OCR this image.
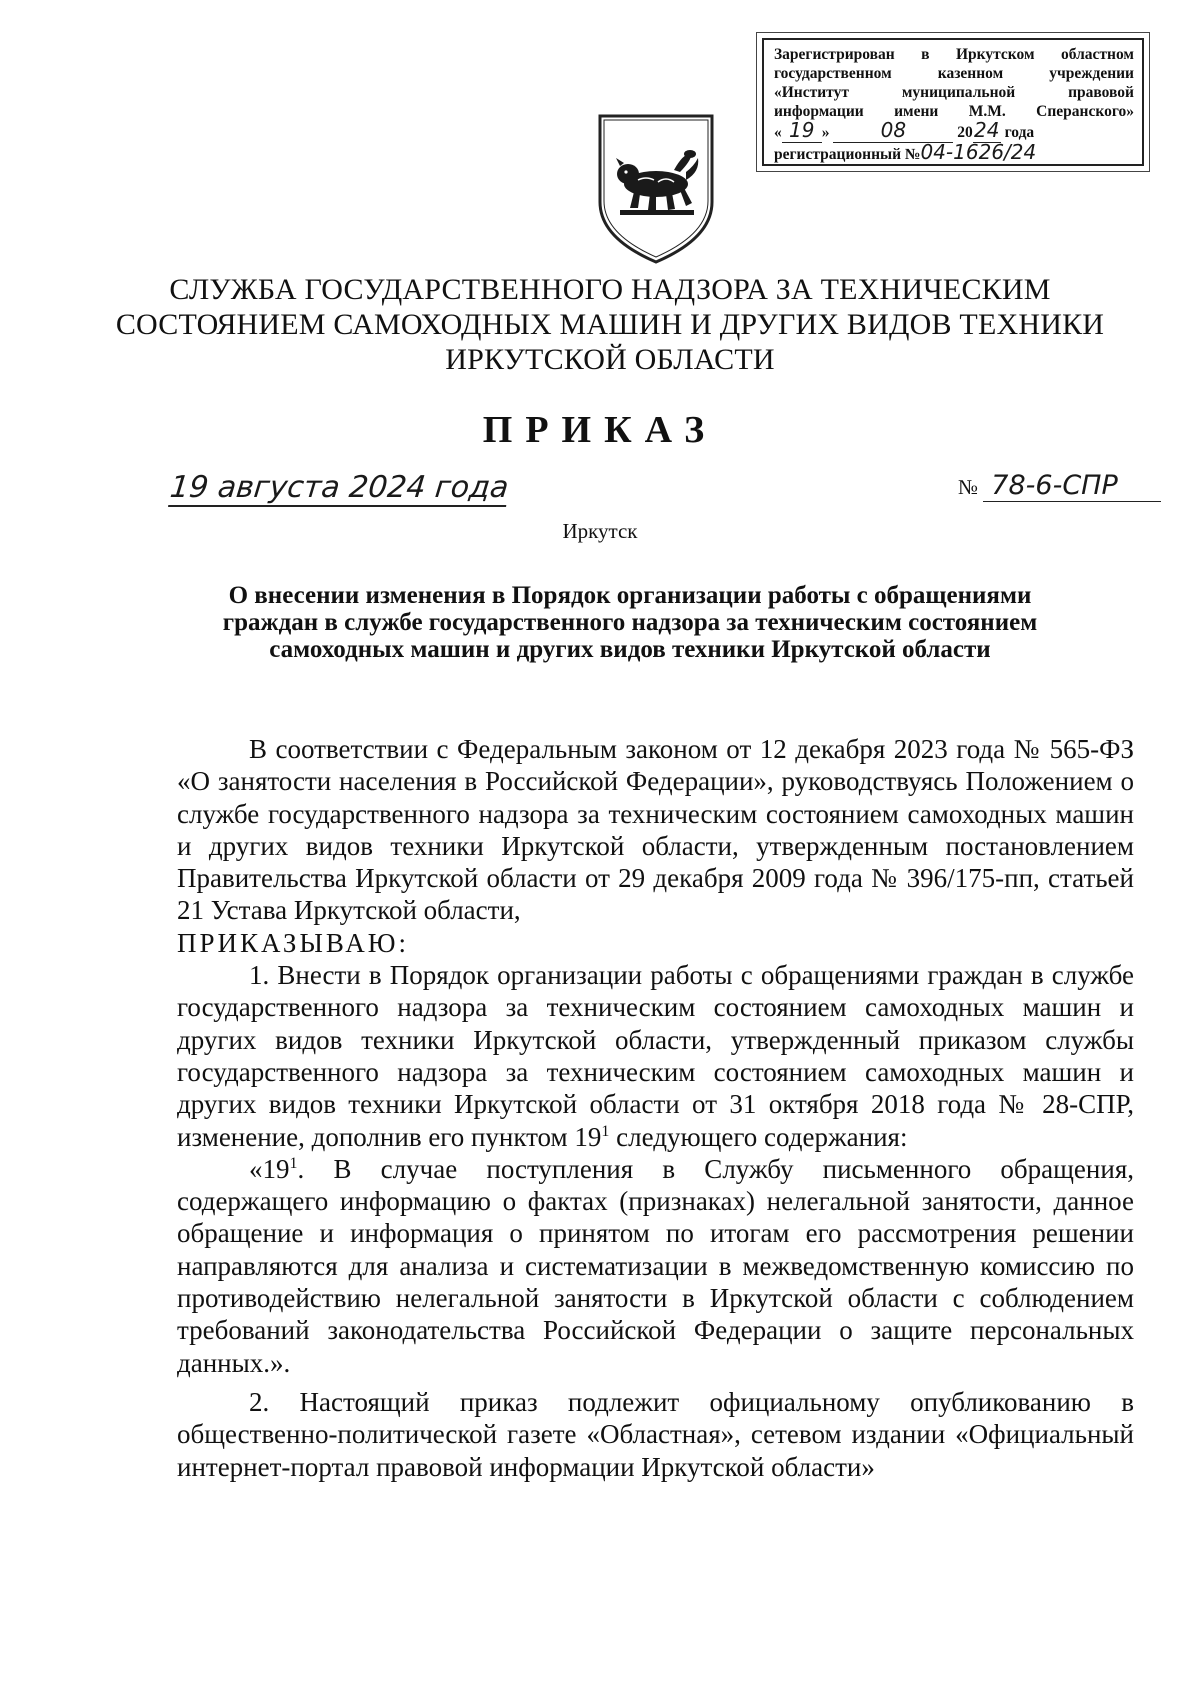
Зарегистрирован в Иркутском областном
государственном казенном учреждении
«Институт муниципальной правовой
информации имени М.М. Сперанского»
« 19 » 08	2024 года
регистрационный №04-1626/24
СЛУЖБА ГОСУДАРСТВЕННОГО НАДЗОРА ЗА ТЕХНИЧЕСКИМ
СОСТОЯНИЕМ САМОХОДНЫХ МАШИН И ДРУГИХ ВИДОВ ТЕХНИКИ
ИРКУТСКОЙ ОБЛАСТИ
ПРИКАЗ
19 августа 2024 года	№ 78-6-СПР
Иркутск
О внесении изменения в Порядок организации работы с обращениями
граждан в службе государственного надзора за техническим состоянием
самоходных машин и других видов техники Иркутской области

В соответствии с Федеральным законом от 12 декабря 2023 года № 565-ФЗ «О занятости населения в Российской Федерации», руководствуясь Положением о службе государственного надзора за техническим состоянием самоходных машин и других видов техники Иркутской области, утвержденным постановлением Правительства Иркутской области от 29 декабря 2009 года № 396/175-пп, статьей 21 Устава Иркутской области,

ПРИКАЗЫВАЮ:

1. Внести в Порядок организации работы с обращениями граждан в службе государственного надзора за техническим состоянием самоходных машин и других видов техники Иркутской области, утвержденный приказом службы государственного надзора за техническим состоянием самоходных машин и других видов техники Иркутской области от 31 октября 2018 года № 28-СПР, изменение, дополнив его пунктом $19^1$ следующего содержания:

«$19^1$. В случае поступления в Службу письменного обращения, содержащего информацию о фактах (признаках) нелегальной занятости, данное обращение и информация о принятом по итогам его рассмотрения решении направляются для анализа и систематизации в межведомственную комиссию по противодействию нелегальной занятости в Иркутской области с соблюдением требований законодательства Российской Федерации о защите персональных данных.».

2. Настоящий приказ подлежит официальному опубликованию в общественно-политической газете «Областная», сетевом издании «Официальный интернет-портал правовой информации Иркутской области»
